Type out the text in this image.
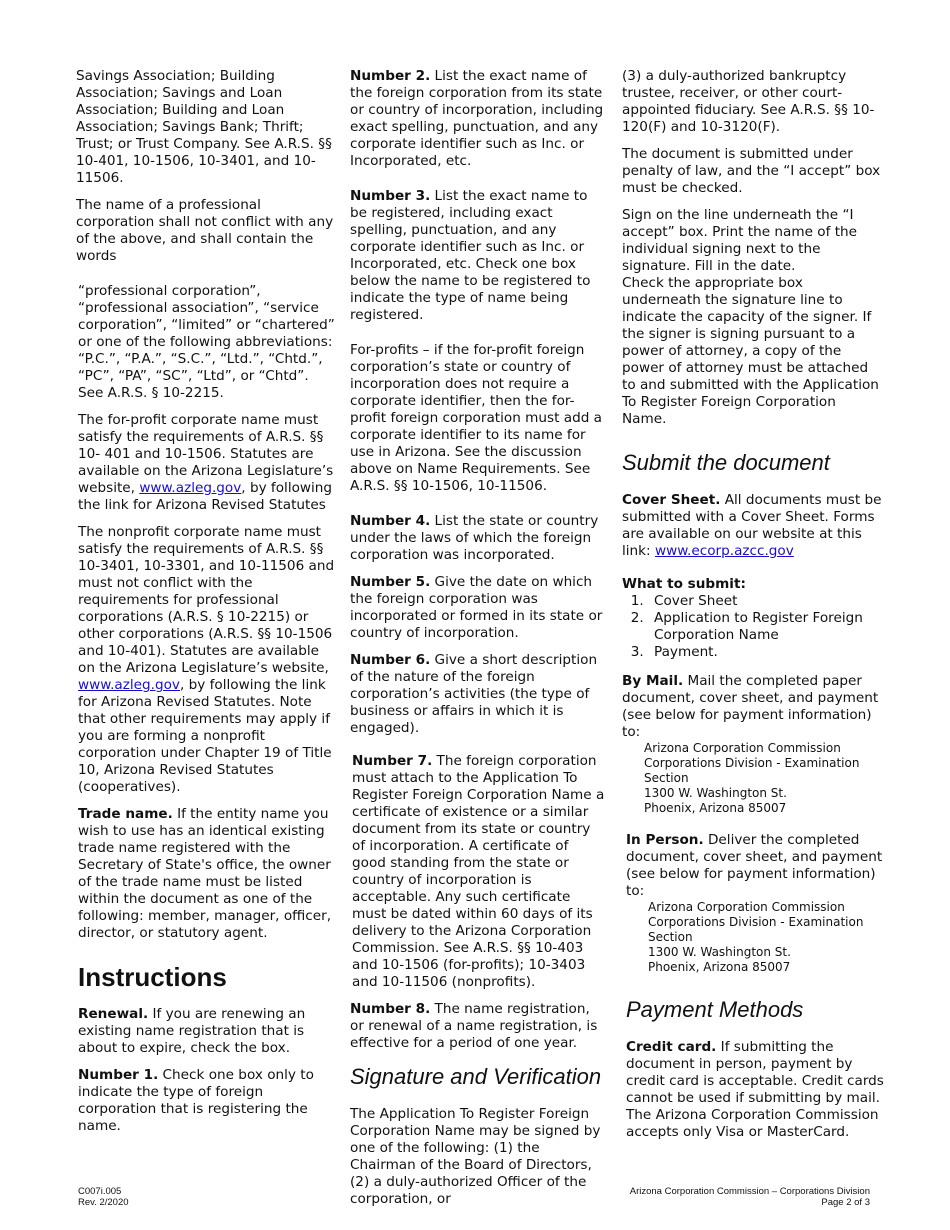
Savings Association; Building Association; Savings and Loan Association; Building and Loan Association; Savings Bank; Thrift; Trust; or Trust Company. See A.R.S. §§ 10-401, 10-1506, 10-3401, and 10-11506.

The name of a professional corporation shall not conflict with any of the above, and shall contain the words

“professional corporation”, “professional association”, “service corporation”, “limited” or “chartered” or one of the following abbreviations: “P.C.”, “P.A.”, “S.C.”, “Ltd.”, “Chtd.”, “PC”, “PA”, “SC”, “Ltd”, or “Chtd”. See A.R.S. § 10-2215.

The for-profit corporate name must satisfy the requirements of A.R.S. §§ 10- 401 and 10-1506. Statutes are available on the Arizona Legislature’s website, www.azleg.gov, by following the link for Arizona Revised Statutes

The nonprofit corporate name must satisfy the requirements of A.R.S. §§ 10-3401, 10-3301, and 10-11506 and must not conflict with the requirements for professional corporations (A.R.S. § 10-2215) or other corporations (A.R.S. §§ 10-1506 and 10-401). Statutes are available on the Arizona Legislature’s website, www.azleg.gov, by following the link for Arizona Revised Statutes. Note that other requirements may apply if you are forming a nonprofit corporation under Chapter 19 of Title 10, Arizona Revised Statutes (cooperatives).

Trade name. If the entity name you wish to use has an identical existing trade name registered with the Secretary of State's office, the owner of the trade name must be listed within the document as one of the following: member, manager, officer, director, or statutory agent.

Instructions

Renewal. If you are renewing an existing name registration that is about to expire, check the box.

Number 1. Check one box only to indicate the type of foreign corporation that is registering the name.

Number 2. List the exact name of the foreign corporation from its state or country of incorporation, including exact spelling, punctuation, and any corporate identifier such as Inc. or Incorporated, etc.

Number 3. List the exact name to be registered, including exact spelling, punctuation, and any corporate identifier such as Inc. or Incorporated, etc. Check one box below the name to be registered to indicate the type of name being registered.

For-profits – if the for-profit foreign corporation’s state or country of incorporation does not require a corporate identifier, then the for-profit foreign corporation must add a corporate identifier to its name for use in Arizona. See the discussion above on Name Requirements. See A.R.S. §§ 10-1506, 10-11506.

Number 4. List the state or country under the laws of which the foreign corporation was incorporated.

Number 5. Give the date on which the foreign corporation was incorporated or formed in its state or country of incorporation.

Number 6. Give a short description of the nature of the foreign corporation’s activities (the type of business or affairs in which it is engaged).

Number 7. The foreign corporation must attach to the Application To Register Foreign Corporation Name a certificate of existence or a similar document from its state or country of incorporation. A certificate of good standing from the state or country of incorporation is acceptable. Any such certificate must be dated within 60 days of its delivery to the Arizona Corporation Commission. See A.R.S. §§ 10-403 and 10-1506 (for-profits); 10-3403 and 10-11506 (nonprofits).

Number 8. The name registration, or renewal of a name registration, is effective for a period of one year.

Signature and Verification

The Application To Register Foreign Corporation Name may be signed by one of the following: (1) the Chairman of the Board of Directors, (2) a duly-authorized Officer of the corporation, or

(3) a duly-authorized bankruptcy trustee, receiver, or other court-appointed fiduciary. See A.R.S. §§ 10-120(F) and 10-3120(F).

The document is submitted under penalty of law, and the “I accept” box must be checked.

Sign on the line underneath the “I accept” box. Print the name of the individual signing next to the signature. Fill in the date.

Check the appropriate box underneath the signature line to indicate the capacity of the signer. If the signer is signing pursuant to a power of attorney, a copy of the power of attorney must be attached to and submitted with the Application To Register Foreign Corporation Name.

Submit the document

Cover Sheet. All documents must be submitted with a Cover Sheet. Forms are available on our website at this link: www.ecorp.azcc.gov

What to submit:

1. Cover Sheet
2. Application to Register Foreign Corporation Name
3. Payment.

By Mail. Mail the completed paper document, cover sheet, and payment (see below for payment information) to:

Arizona Corporation Commission
Corporations Division - Examination Section
1300 W. Washington St.
Phoenix, Arizona 85007

In Person. Deliver the completed document, cover sheet, and payment (see below for payment information) to:

Arizona Corporation Commission
Corporations Division - Examination Section
1300 W. Washington St.
Phoenix, Arizona 85007
Payment Methods

Credit card. If submitting the document in person, payment by credit card is acceptable. Credit cards cannot be used if submitting by mail. The Arizona Corporation Commission accepts only Visa or MasterCard.

C007i.005
Rev. 2/2020
Arizona Corporation Commission – Corporations Division
Page 2 of 3
